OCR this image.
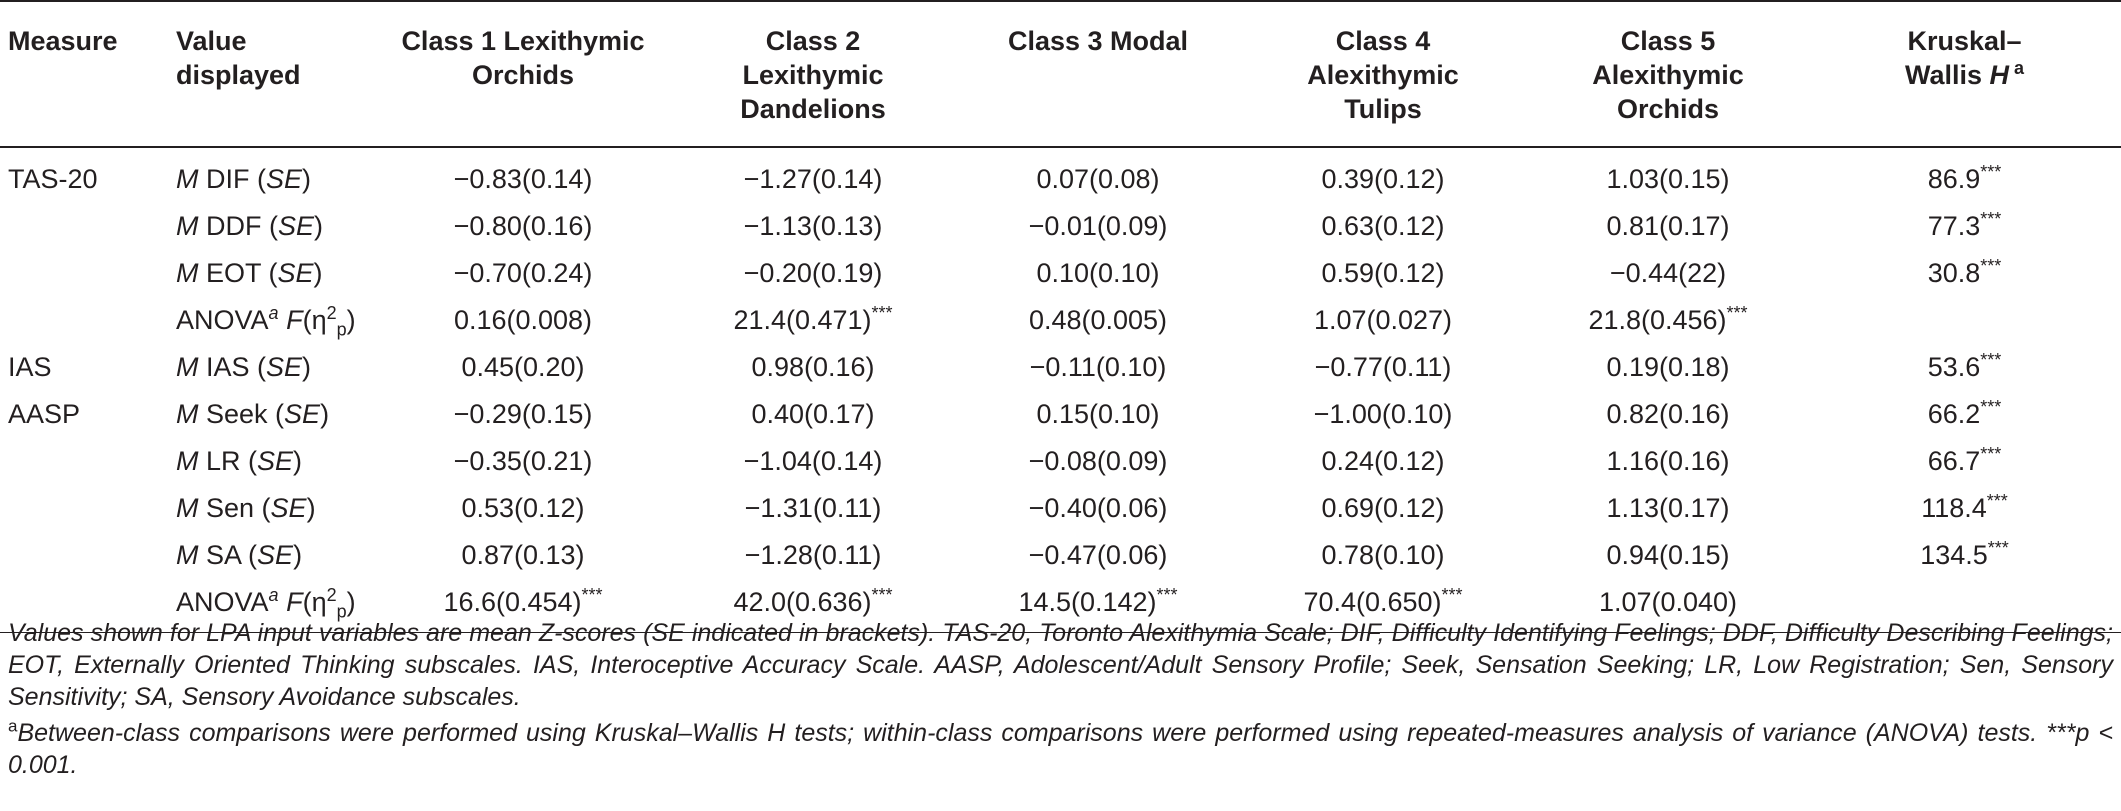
Measure	Value displayed	Class 1 Lexithymic Orchids	Class 2 Lexithymic Dandelions	Class 3 Modal	Class 4 Alexithymic Tulips	Class 5 Alexithymic Orchids	Kruskal–Wallis H $^a$
TAS-20	M DIF (SE)	−0.83(0.14)	−1.27(0.14)	0.07(0.08)	0.39(0.12)	1.03(0.15)	86.9***
	M DDF (SE)	−0.80(0.16)	−1.13(0.13)	−0.01(0.09)	0.63(0.12)	0.81(0.17)	77.3***
	M EOT (SE)	−0.70(0.24)	−0.20(0.19)	0.10(0.10)	0.59(0.12)	−0.44(22)	30.8***
	ANOVA$^a$ $F(\eta^2_p)$	0.16(0.008)	21.4(0.471)***	0.48(0.005)	1.07(0.027)	21.8(0.456)***	
IAS	M IAS (SE)	0.45(0.20)	0.98(0.16)	−0.11(0.10)	−0.77(0.11)	0.19(0.18)	53.6***
AASP	M Seek (SE)	−0.29(0.15)	0.40(0.17)	0.15(0.10)	−1.00(0.10)	0.82(0.16)	66.2***
	M LR (SE)	−0.35(0.21)	−1.04(0.14)	−0.08(0.09)	0.24(0.12)	1.16(0.16)	66.7***
	M Sen (SE)	0.53(0.12)	−1.31(0.11)	−0.40(0.06)	0.69(0.12)	1.13(0.17)	118.4***
	M SA (SE)	0.87(0.13)	−1.28(0.11)	−0.47(0.06)	0.78(0.10)	0.94(0.15)	134.5***
	ANOVA$^a$ $F(\eta^2_p)$	16.6(0.454)***	42.0(0.636)***	14.5(0.142)***	70.4(0.650)***	1.07(0.040)	
Values shown for LPA input variables are mean Z-scores (SE indicated in brackets). TAS-20, Toronto Alexithymia Scale; DIF, Difficulty Identifying Feelings; DDF, Difficulty Describing Feelings; EOT, Externally Oriented Thinking subscales. IAS, Interoceptive Accuracy Scale. AASP, Adolescent/Adult Sensory Profile; Seek, Sensation Seeking; LR, Low Registration; Sen, Sensory Sensitivity; SA, Sensory Avoidance subscales.
$^a$Between-class comparisons were performed using Kruskal–Wallis H tests; within-class comparisons were performed using repeated-measures analysis of variance (ANOVA) tests. ***p < 0.001.
